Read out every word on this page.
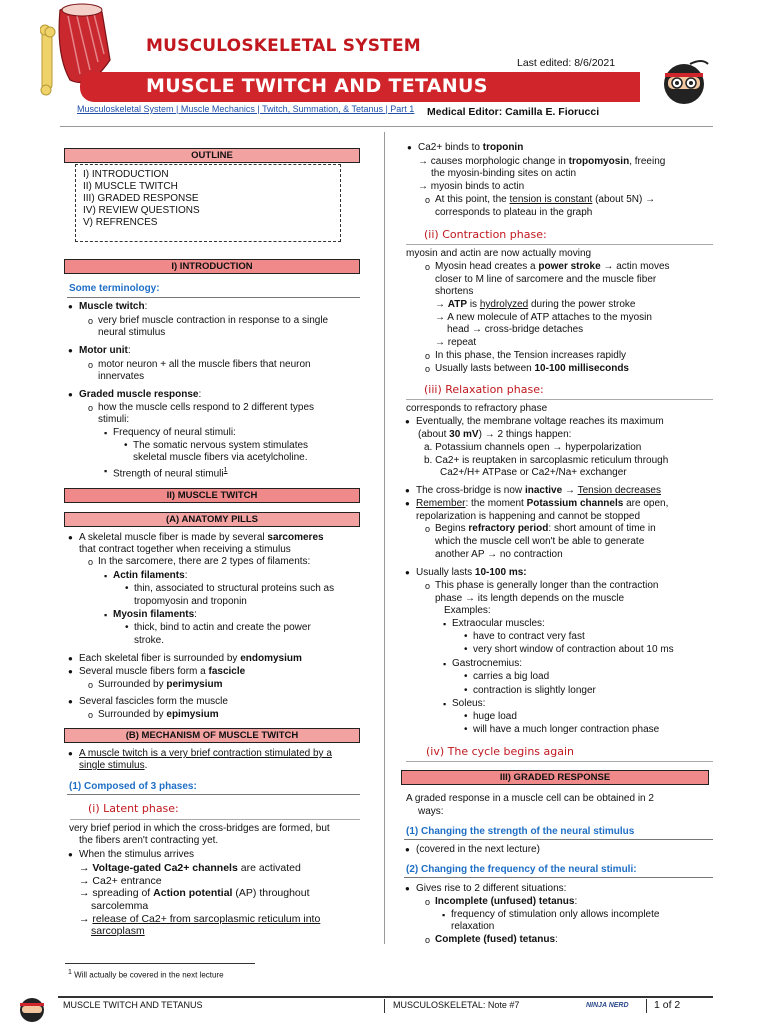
MUSCULOSKELETAL SYSTEM
Last edited: 8/6/2021
MUSCLE TWITCH AND TETANUS
Musculoskeletal System | Muscle Mechanics | Twitch, Summation, & Tetanus | Part 1 Medical Editor: Camilla E. Fiorucci
OUTLINE
I) INTRODUCTION
II) MUSCLE TWITCH
III) GRADED RESPONSE
IV) REVIEW QUESTIONS
V) REFRENCES
I) INTRODUCTION
Some terminology:
● Muscle twitch:
o very brief muscle contraction in response to a single
neural stimulus
● Motor unit:
o motor neuron + all the muscle fibers that neuron
innervates
● Graded muscle response:
o how the muscle cells respond to 2 different types
stimuli:
▪ Frequency of neural stimuli:
• The somatic nervous system stimulates
skeletal muscle fibers via acetylcholine.
▪ Strength of neural stimuli$^1$
II) MUSCLE TWITCH
(A) ANATOMY PILLS
● A skeletal muscle fiber is made by several sarcomeres
that contract together when receiving a stimulus
o In the sarcomere, there are 2 types of filaments:
▪ Actin filaments:
• thin, associated to structural proteins such as
tropomyosin and troponin
▪ Myosin filaments:
• thick, bind to actin and create the power
stroke.
● Each skeletal fiber is surrounded by endomysium
● Several muscle fibers form a fascicle
o Surrounded by perimysium
● Several fascicles form the muscle
o Surrounded by epimysium
(B) MECHANISM OF MUSCLE TWITCH
● A muscle twitch is a very brief contraction stimulated by a
single stimulus.
(1) Composed of 3 phases:
(i) Latent phase:
very brief period in which the cross-bridges are formed, but
the fibers aren't contracting yet.
● When the stimulus arrives
→ Voltage-gated Ca2+ channels are activated
→ Ca2+ entrance
→ spreading of Action potential (AP) throughout
sarcolemma
→ release of Ca2+ from sarcoplasmic reticulum into
sarcoplasm
● Ca2+ binds to troponin
→ causes morphologic change in tropomyosin, freeing
the myosin-binding sites on actin
→ myosin binds to actin
o At this point, the tension is constant (about 5N) →
corresponds to plateau in the graph
(ii) Contraction phase:
myosin and actin are now actually moving
o Myosin head creates a power stroke → actin moves
closer to M line of sarcomere and the muscle fiber
shortens
→ ATP is hydrolyzed during the power stroke
→ A new molecule of ATP attaches to the myosin
head → cross-bridge detaches
→ repeat
o In this phase, the Tension increases rapidly
o Usually lasts between 10-100 milliseconds
(iii) Relaxation phase:
corresponds to refractory phase
● Eventually, the membrane voltage reaches its maximum
(about 30 mV) → 2 things happen:
a. Potassium channels open → hyperpolarization
b. Ca2+ is reuptaken in sarcoplasmic reticulum through
Ca2+/H+ ATPase or Ca2+/Na+ exchanger
● The cross-bridge is now inactive → Tension decreases
● Remember: the moment Potassium channels are open,
repolarization is happening and cannot be stopped
o Begins refractory period: short amount of time in
which the muscle cell won't be able to generate
another AP → no contraction
● Usually lasts 10-100 ms:
o This phase is generally longer than the contraction
phase → its length depends on the muscle
Examples:
▪ Extraocular muscles:
• have to contract very fast
• very short window of contraction about 10 ms
▪ Gastrocnemius:
• carries a big load
• contraction is slightly longer
▪ Soleus:
• huge load
• will have a much longer contraction phase
(iv) The cycle begins again
III) GRADED RESPONSE
A graded response in a muscle cell can be obtained in 2
ways:
(1) Changing the strength of the neural stimulus
● (covered in the next lecture)
(2) Changing the frequency of the neural stimuli:
● Gives rise to 2 different situations:
o Incomplete (unfused) tetanus:
▪ frequency of stimulation only allows incomplete
relaxation
o Complete (fused) tetanus:
$^1$ Will actually be covered in the next lecture
MUSCLE TWITCH AND TETANUS	MUSCULOSKELETAL: Note #7	NINJA NERD 1 of 2
